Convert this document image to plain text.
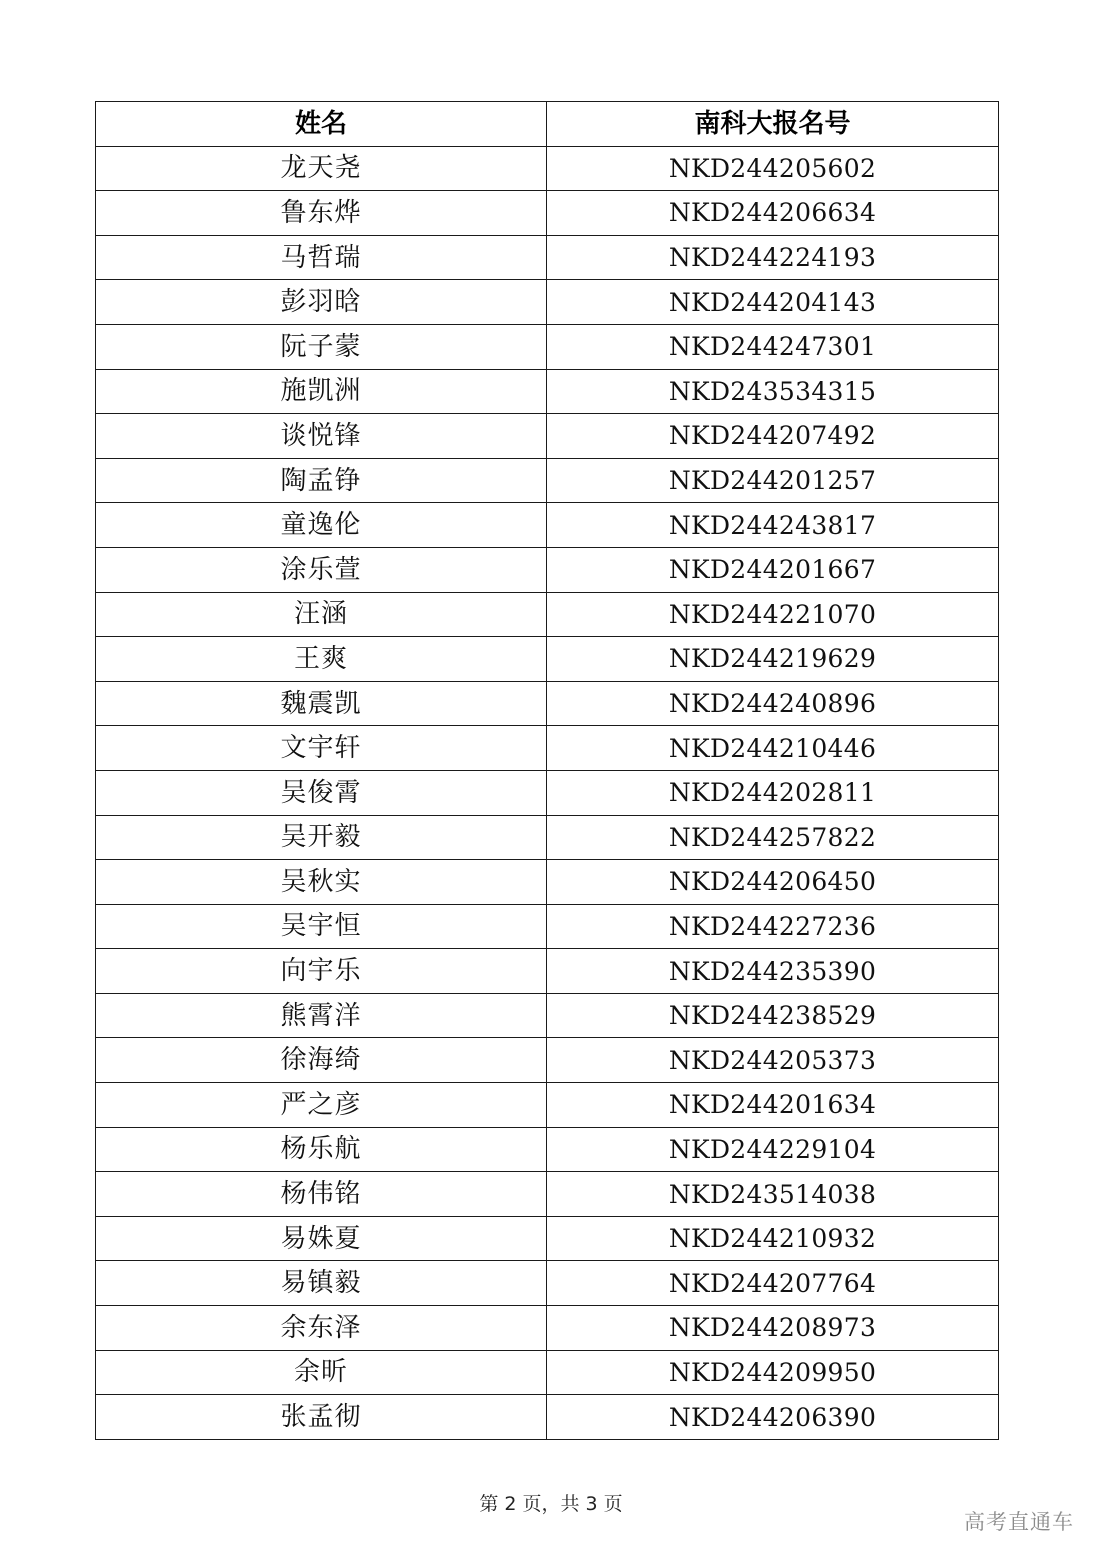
姓名	南科大报名号
龙天尧	NKD244205602
鲁东烨	NKD244206634
马哲瑞	NKD244224193
彭羽晗	NKD244204143
阮子蒙	NKD244247301
施凯洲	NKD243534315
谈悦锋	NKD244207492
陶孟铮	NKD244201257
童逸伦	NKD244243817
涂乐萱	NKD244201667
汪涵	NKD244221070
王爽	NKD244219629
魏震凯	NKD244240896
文宇轩	NKD244210446
吴俊霄	NKD244202811
吴开毅	NKD244257822
吴秋实	NKD244206450
吴宇恒	NKD244227236
向宇乐	NKD244235390
熊霄洋	NKD244238529
徐海绮	NKD244205373
严之彦	NKD244201634
杨乐航	NKD244229104
杨伟铭	NKD243514038
易姝夏	NKD244210932
易镇毅	NKD244207764
余东泽	NKD244208973
余昕	NKD244209950
张孟彻	NKD244206390
第 2 页，共 3 页
高考直通车
